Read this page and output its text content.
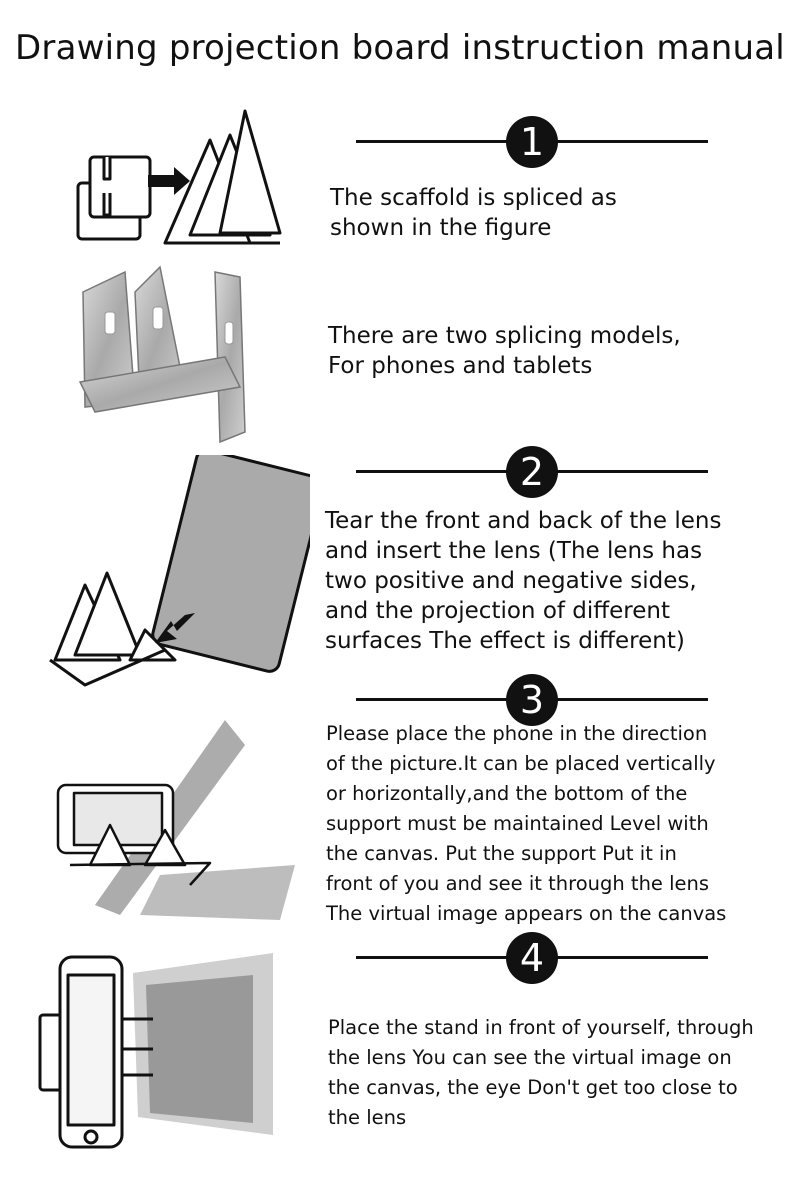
Drawing projection board instruction manual
1
The scaffold is spliced as
shown in the figure
There are two splicing models,
For phones and tablets
2
Tear the front and back of the lens
and insert the lens (The lens has
two positive and negative sides,
and the projection of different
surfaces The effect is different)
3
Please place the phone in the direction
of the picture.It can be placed vertically
or horizontally,and the bottom of the
support must be maintained Level with
the canvas. Put the support Put it in
front of you and see it through the lens
The virtual image appears on the canvas
4
Place the stand in front of yourself, through
the lens You can see the virtual image on
the canvas, the eye Don't get too close to
the lens
